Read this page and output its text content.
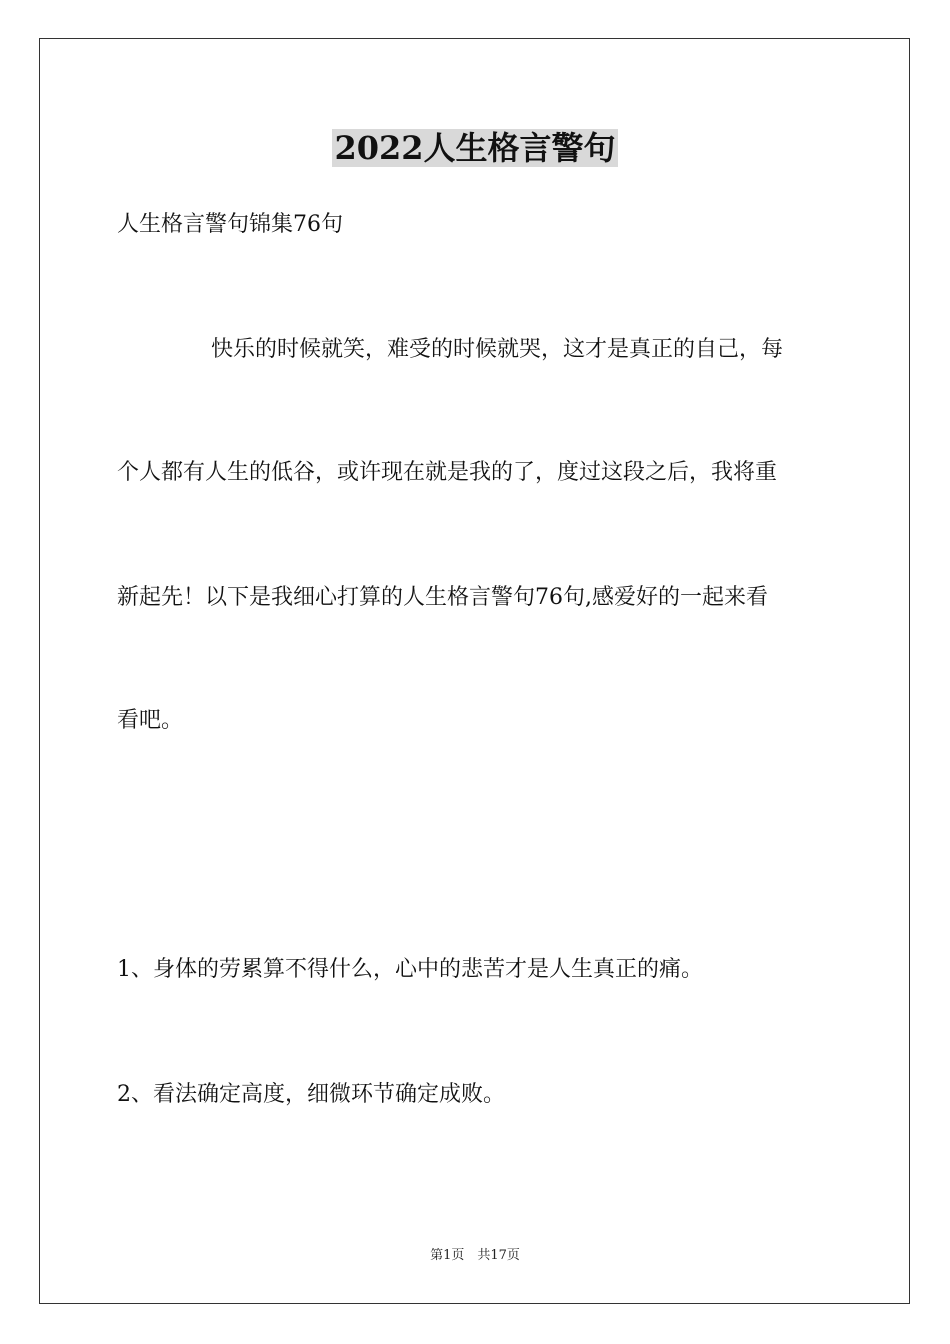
2022人生格言警句
人生格言警句锦集76句
快乐的时候就笑，难受的时候就哭，这才是真正的自己，每
个人都有人生的低谷，或许现在就是我的了，度过这段之后，我将重
新起先！以下是我细心打算的人生格言警句76句,感爱好的一起来看
看吧。
1、身体的劳累算不得什么，心中的悲苦才是人生真正的痛。
2、看法确定高度，细微环节确定成败。
第1页　共17页
